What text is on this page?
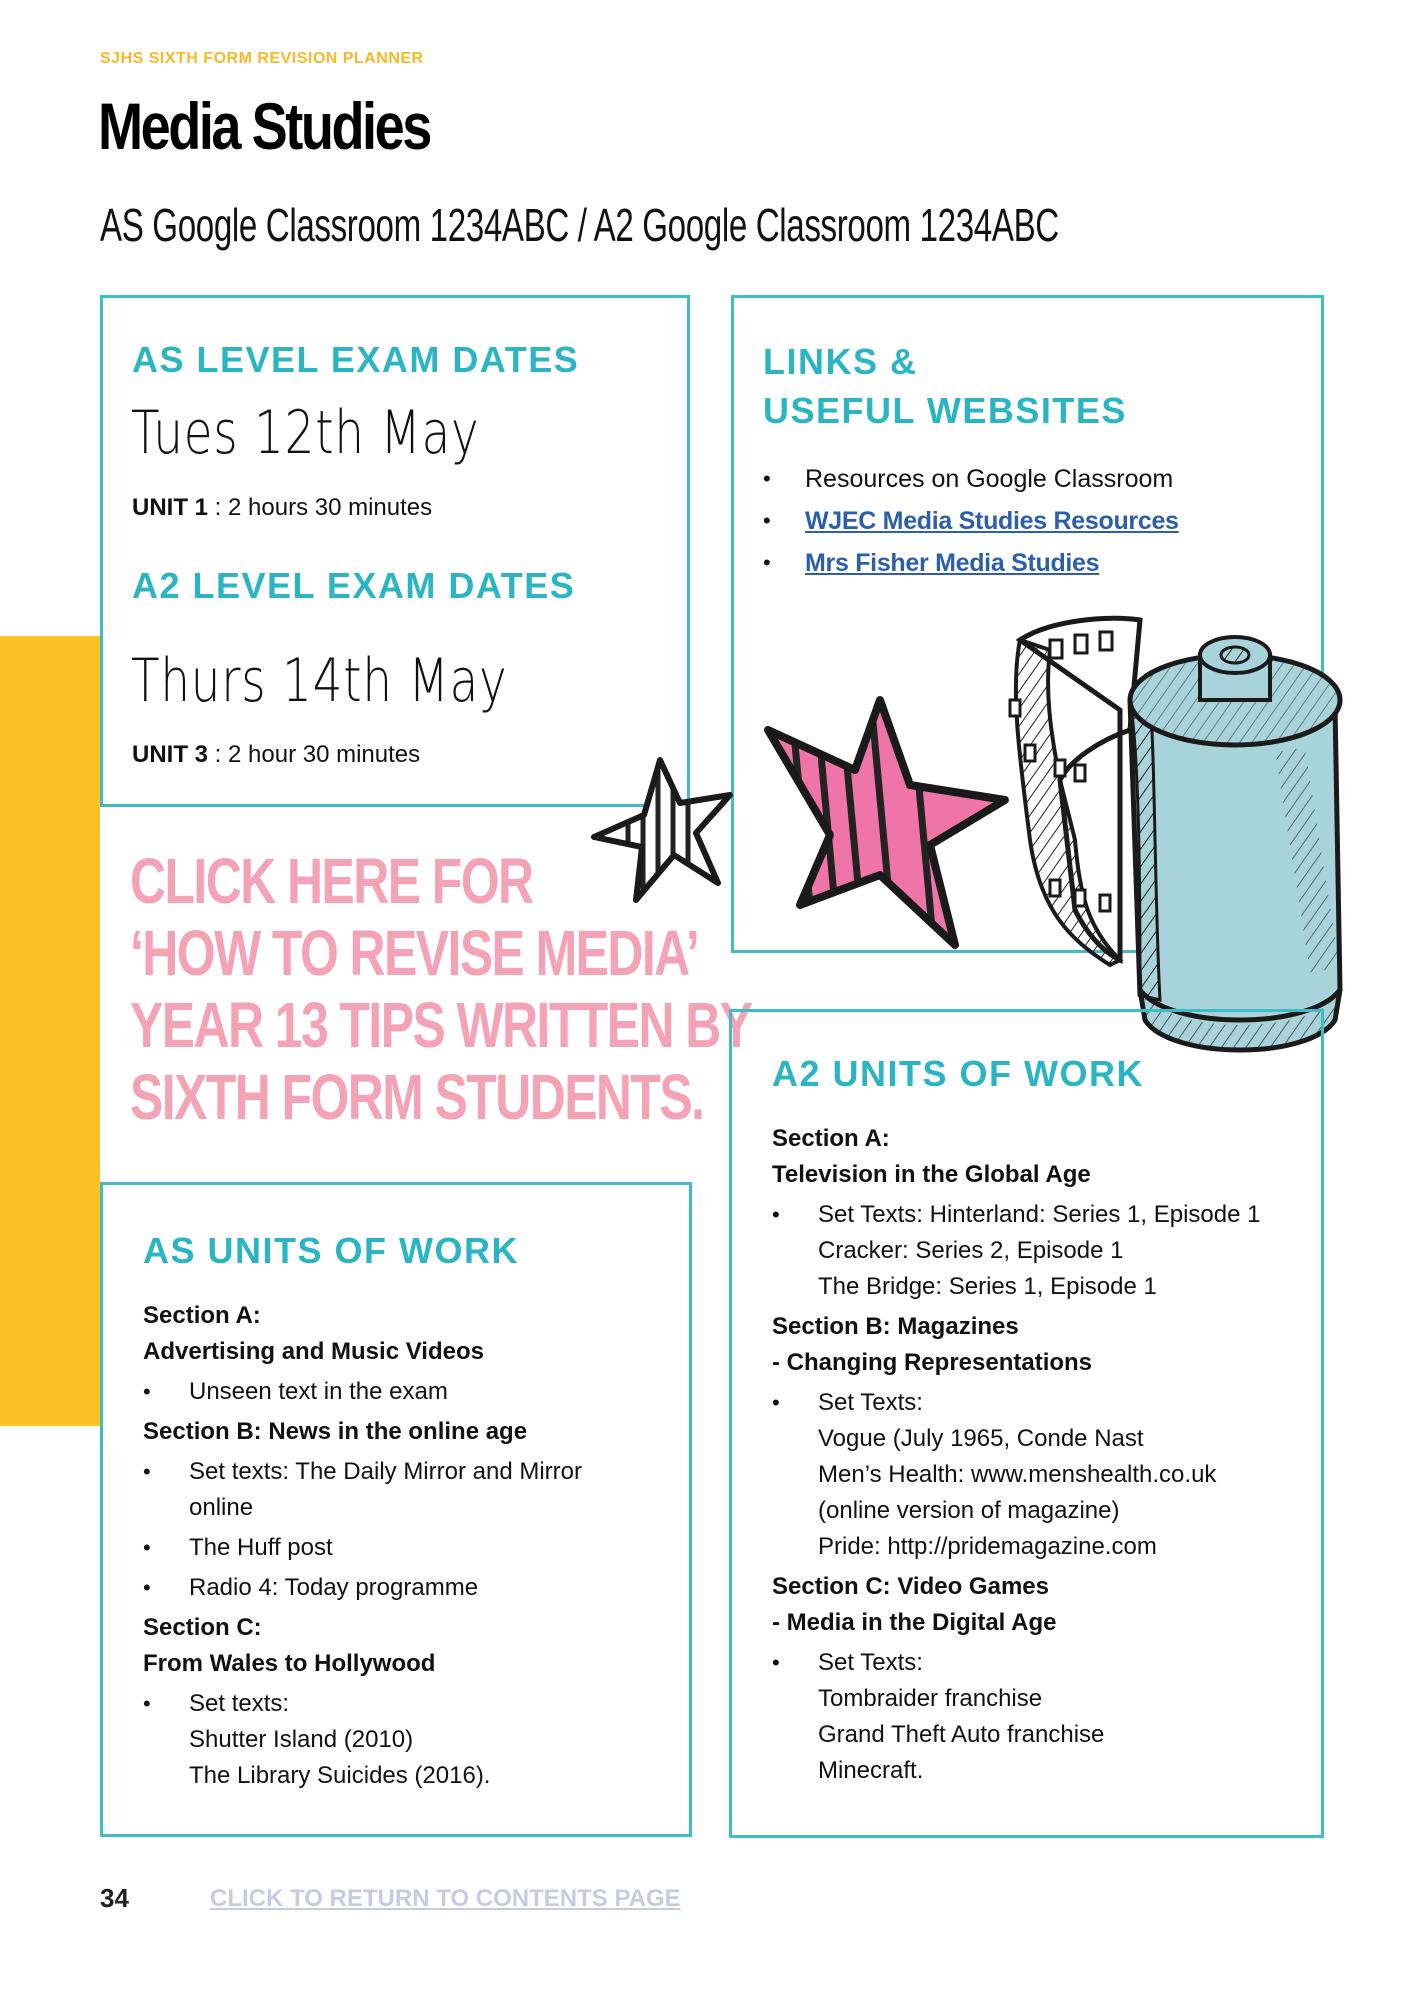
SJHS SIXTH FORM REVISION PLANNER
Media Studies
AS Google Classroom 1234ABC / A2 Google Classroom 1234ABC
AS LEVEL EXAM DATES
Tues 12th May
UNIT 1 : 2 hours 30 minutes
A2 LEVEL EXAM DATES
Thurs 14th May
UNIT 3 : 2 hour 30 minutes
LINKS &
USEFUL WEBSITES
•	Resources on Google Classroom
•	WJEC Media Studies Resources
•	Mrs Fisher Media Studies
CLICK HERE FOR
‘HOW TO REVISE MEDIA’
YEAR 13 TIPS WRITTEN BY
SIXTH FORM STUDENTS.
AS UNITS OF WORK
Section A:
Advertising and Music Videos
•	Unseen text in the exam
Section B: News in the online age
•	Set texts: The Daily Mirror and Mirror
online
•	The Huff post
•	Radio 4: Today programme
Section C:
From Wales to Hollywood
•	Set texts:
Shutter Island (2010)
The Library Suicides (2016).
A2 UNITS OF WORK
Section A:
Television in the Global Age
•	Set Texts: Hinterland: Series 1, Episode 1
Cracker: Series 2, Episode 1
The Bridge: Series 1, Episode 1
Section B: Magazines
- Changing Representations
•	Set Texts:
Vogue (July 1965, Conde Nast
Men’s Health: www.menshealth.co.uk
(online version of magazine)
Pride: http://pridemagazine.com
Section C: Video Games
- Media in the Digital Age
•	Set Texts:
Tombraider franchise
Grand Theft Auto franchise
Minecraft.
34	CLICK TO RETURN TO CONTENTS PAGE
